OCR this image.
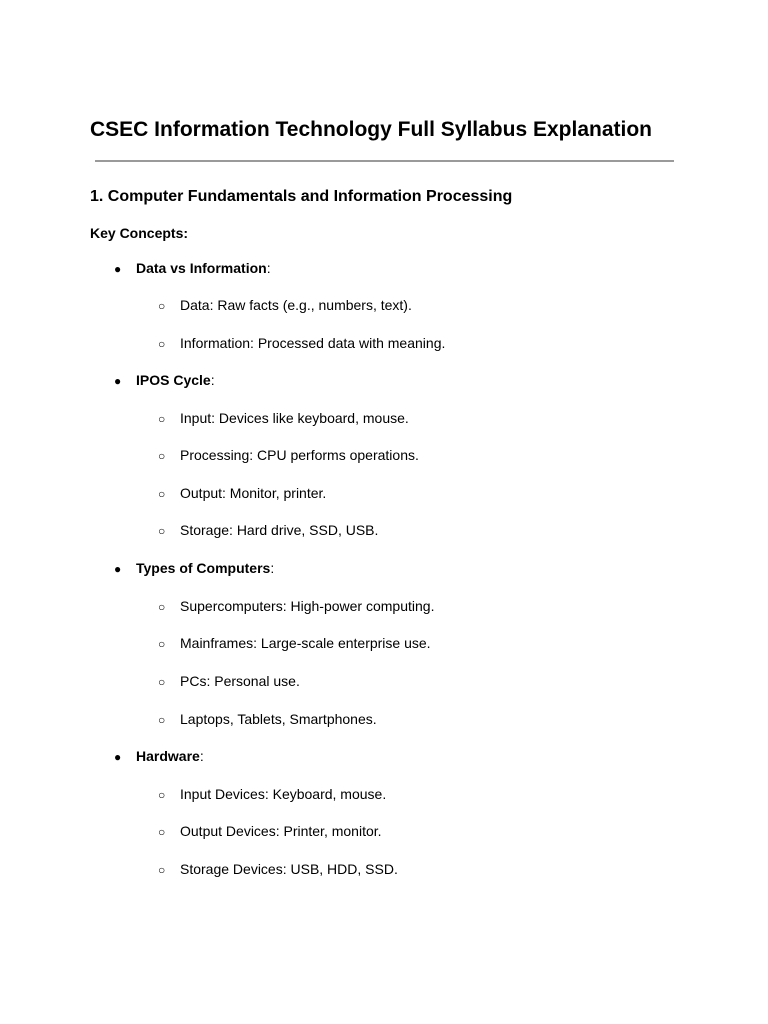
CSEC Information Technology Full Syllabus Explanation
1. Computer Fundamentals and Information Processing
Key Concepts:
● Data vs Information:
○ Data: Raw facts (e.g., numbers, text).
○ Information: Processed data with meaning.
● IPOS Cycle:
○ Input: Devices like keyboard, mouse.
○ Processing: CPU performs operations.
○ Output: Monitor, printer.
○ Storage: Hard drive, SSD, USB.
● Types of Computers:
○ Supercomputers: High-power computing.
○ Mainframes: Large-scale enterprise use.
○ PCs: Personal use.
○ Laptops, Tablets, Smartphones.
● Hardware:
○ Input Devices: Keyboard, mouse.
○ Output Devices: Printer, monitor.
○ Storage Devices: USB, HDD, SSD.
